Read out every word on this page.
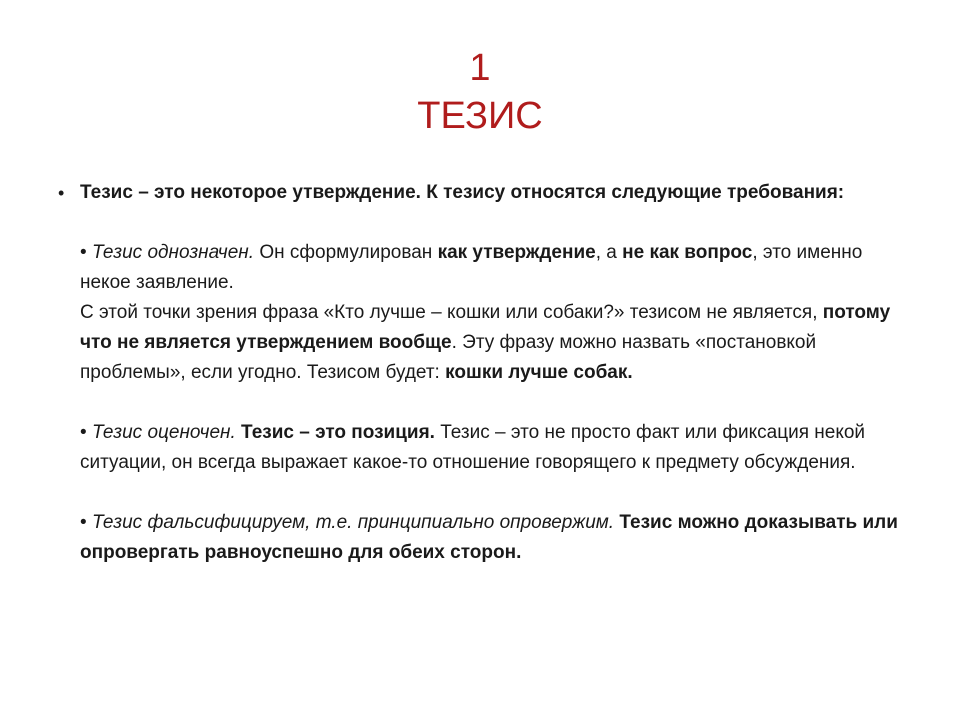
1
ТЕЗИС
• Тезис – это некоторое утверждение. К тезису относятся следующие требования:

• Тезис однозначен. Он сформулирован как утверждение, а не как вопрос, это именно некое заявление.
С этой точки зрения фраза «Кто лучше – кошки или собаки?» тезисом не является, потому что не является утверждением вообще. Эту фразу можно назвать «постановкой проблемы», если угодно. Тезисом будет: кошки лучше собак.

• Тезис оценочен. Тезис – это позиция. Тезис – это не просто факт или фиксация некой ситуации, он всегда выражает какое-то отношение говорящего к предмету обсуждения.

• Тезис фальсифицируем, т.е. принципиально опровержим. Тезис можно доказывать или опровергать равноуспешно для обеих сторон.
